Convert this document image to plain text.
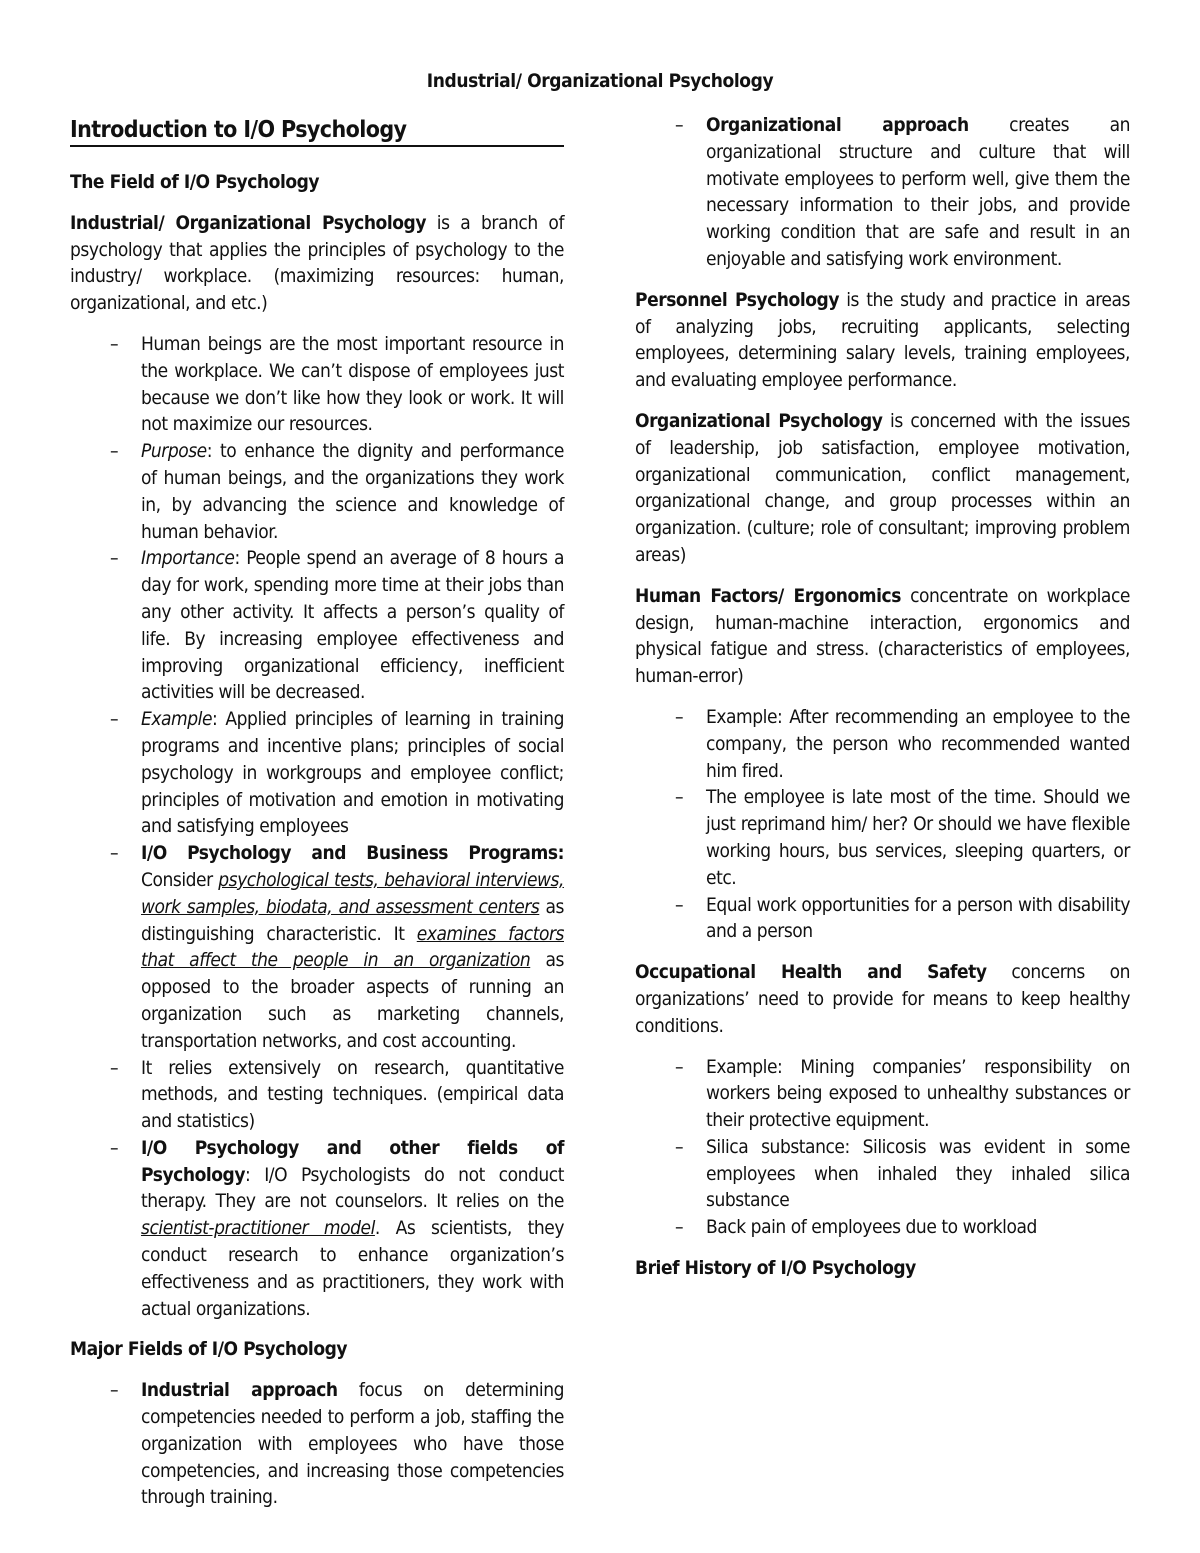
Industrial/ Organizational Psychology
Introduction to I/O Psychology
The Field of I/O Psychology

Industrial/ Organizational Psychology is a branch of psychology that applies the principles of psychology to the industry/ workplace. (maximizing resources: human, organizational, and etc.)

– Human beings are the most important resource in the workplace. We can’t dispose of employees just because we don’t like how they look or work. It will not maximize our resources.
– Purpose: to enhance the dignity and performance of human beings, and the organizations they work in, by advancing the science and knowledge of human behavior.
– Importance: People spend an average of 8 hours a day for work, spending more time at their jobs than any other activity. It affects a person’s quality of life. By increasing employee effectiveness and improving organizational efficiency, inefficient activities will be decreased.
– Example: Applied principles of learning in training programs and incentive plans; principles of social psychology in workgroups and employee conflict; principles of motivation and emotion in motivating and satisfying employees
– I/O Psychology and Business Programs: Consider psychological tests, behavioral interviews, work samples, biodata, and assessment centers as distinguishing characteristic. It examines factors that affect the people in an organization as opposed to the broader aspects of running an organization such as marketing channels, transportation networks, and cost accounting.
– It relies extensively on research, quantitative methods, and testing techniques. (empirical data and statistics)
– I/O Psychology and other fields of Psychology: I/O Psychologists do not conduct therapy. They are not counselors. It relies on the scientist-practitioner model. As scientists, they conduct research to enhance organization’s effectiveness and as practitioners, they work with actual organizations.
Major Fields of I/O Psychology
– Industrial approach focus on determining competencies needed to perform a job, staffing the organization with employees who have those competencies, and increasing those competencies through training.
– Organizational approach creates an organizational structure and culture that will motivate employees to perform well, give them the necessary information to their jobs, and provide working condition that are safe and result in an enjoyable and satisfying work environment.

Personnel Psychology is the study and practice in areas of analyzing jobs, recruiting applicants, selecting employees, determining salary levels, training employees, and evaluating employee performance.

Organizational Psychology is concerned with the issues of leadership, job satisfaction, employee motivation, organizational communication, conflict management, organizational change, and group processes within an organization. (culture; role of consultant; improving problem areas)

Human Factors/ Ergonomics concentrate on workplace design, human-machine interaction, ergonomics and physical fatigue and stress. (characteristics of employees, human-error)

– Example: After recommending an employee to the company, the person who recommended wanted him fired.
– The employee is late most of the time. Should we just reprimand him/ her? Or should we have flexible working hours, bus services, sleeping quarters, or etc.
– Equal work opportunities for a person with disability and a person

Occupational Health and Safety concerns on organizations’ need to provide for means to keep healthy conditions.

– Example: Mining companies’ responsibility on workers being exposed to unhealthy substances or their protective equipment.
– Silica substance: Silicosis was evident in some employees when inhaled they inhaled silica substance
– Back pain of employees due to workload
Brief History of I/O Psychology
